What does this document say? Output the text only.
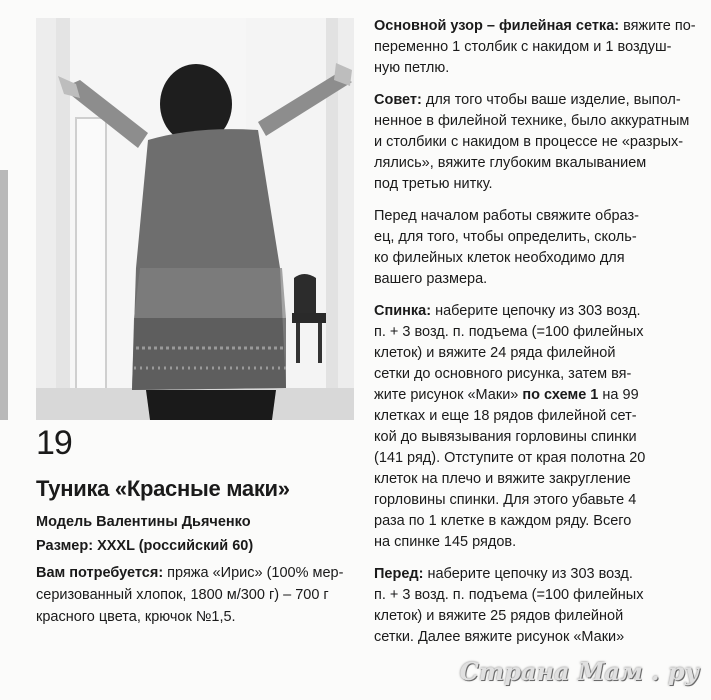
19
Туника «Красные маки»
Модель Валентины Дьяченко
Размер: XXXL (российский 60)
Вам потребуется: пряжа «Ирис» (100% мер-
серизованный хлопок, 1800 м/300 г) – 700 г
красного цвета, крючок №1,5.

Основной узор – филейная сетка: вяжите по-
переменно 1 столбик с накидом и 1 воздуш-
ную петлю.

Совет: для того чтобы ваше изделие, выпол-
ненное в филейной технике, было аккуратным
и столбики с накидом в процессе не «разрых-
лялись», вяжите глубоким вкалыванием
под третью нитку.

Перед началом работы свяжите образ-
ец, для того, чтобы определить, сколь-
ко филейных клеток необходимо для
вашего размера.

Спинка: наберите цепочку из 303 возд.
п. + 3 возд. п. подъема (=100 филейных
клеток) и вяжите 24 ряда филейной
сетки до основного рисунка, затем вя-
жите рисунок «Маки» по схеме 1 на 99
клетках и еще 18 рядов филейной сет-
кой до вывязывания горловины спинки
(141 ряд). Отступите от края полотна 20
клеток на плечо и вяжите закругление
горловины спинки. Для этого убавьте 4
раза по 1 клетке в каждом ряду. Всего
на спинке 145 рядов.

Перед: наберите цепочку из 303 возд.
п. + 3 возд. п. подъема (=100 филейных
клеток) и вяжите 25 рядов филейной
сетки. Далее вяжите рисунок «Маки»

Страна Мам . ру
